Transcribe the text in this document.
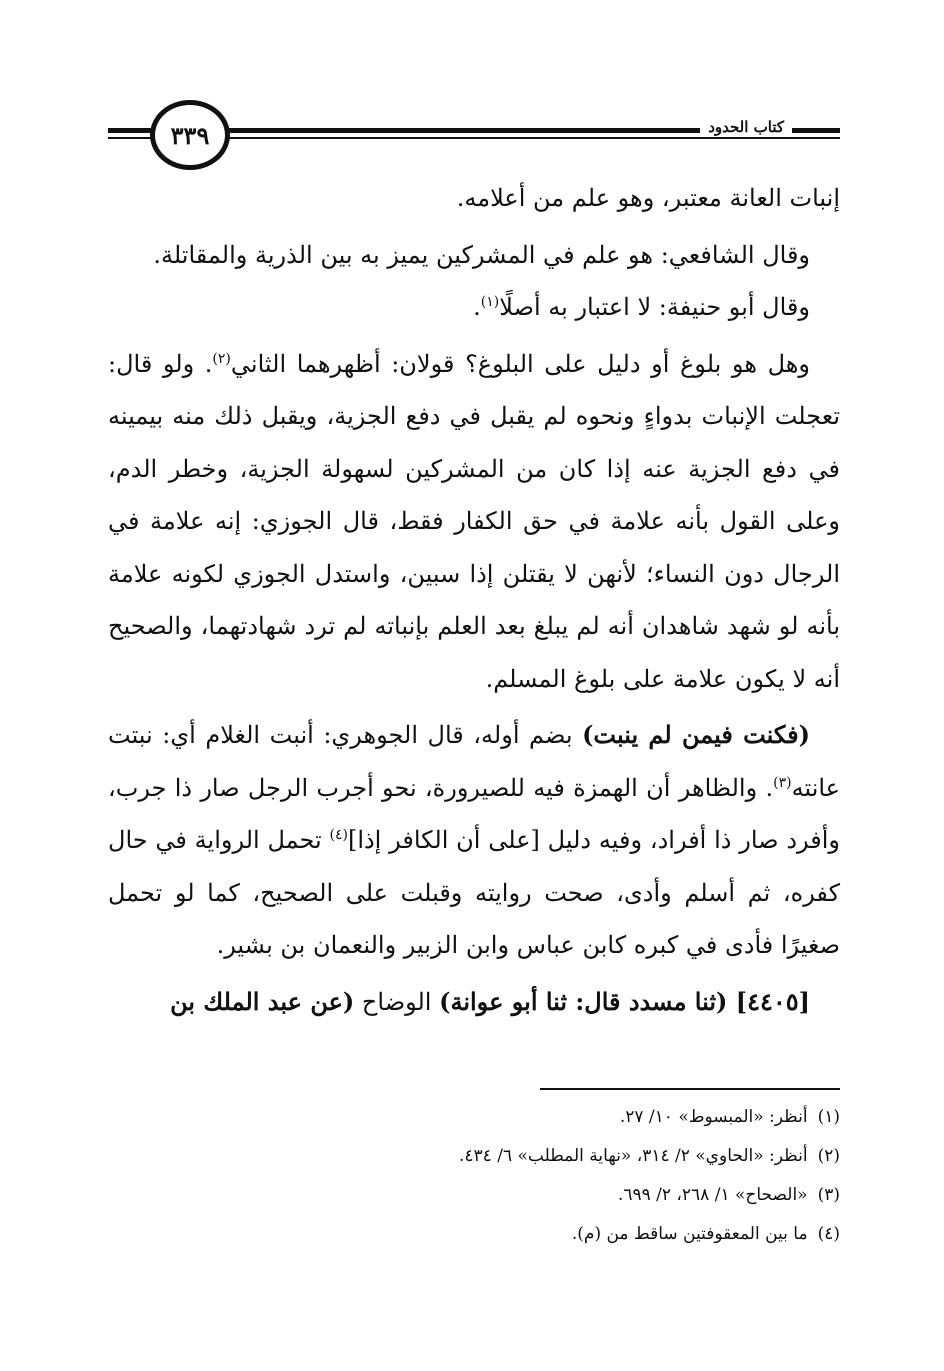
٣٣٩	كتاب الحدود

إنبات العانة معتبر، وهو علم من أعلامه.

وقال الشافعي: هو علم في المشركين يميز به بين الذرية والمقاتلة.

وقال أبو حنيفة: لا اعتبار به أصلًا$^{(١)}$.

وهل هو بلوغ أو دليل على البلوغ؟ قولان: أظهرهما الثاني$^{(٢)}$. ولو قال: تعجلت الإنبات بدواءٍ ونحوه لم يقبل في دفع الجزية، ويقبل ذلك منه بيمينه في دفع الجزية عنه إذا كان من المشركين لسهولة الجزية، وخطر الدم، وعلى القول بأنه علامة في حق الكفار فقط، قال الجوزي: إنه علامة في الرجال دون النساء؛ لأنهن لا يقتلن إذا سبين، واستدل الجوزي لكونه علامة بأنه لو شهد شاهدان أنه لم يبلغ بعد العلم بإنباته لم ترد شهادتهما، والصحيح أنه لا يكون علامة على بلوغ المسلم.

(فكنت فيمن لم ينبت) بضم أوله، قال الجوهري: أنبت الغلام أي: نبتت عانته$^{(٣)}$. والظاهر أن الهمزة فيه للصيرورة، نحو أجرب الرجل صار ذا جرب، وأفرد صار ذا أفراد، وفيه دليل [على أن الكافر إذا]$^{(٤)}$ تحمل الرواية في حال كفره، ثم أسلم وأدى، صحت روايته وقبلت على الصحيح، كما لو تحمل صغيرًا فأدى في كبره كابن عباس وابن الزبير والنعمان بن بشير.

[٤٤٠٥] (ثنا مسدد قال: ثنا أبو عوانة) الوضاح (عن عبد الملك بن

(١)أنظر: «المبسوط» ١٠/ ٢٧.

(٢)أنظر: «الحاوي» ٢/ ٣١٤، «نهاية المطلب» ٦/ ٤٣٤.

(٣)«الصحاح» ١/ ٢٦٨، ٢/ ٦٩٩.

(٤)ما بين المعقوفتين ساقط من (م).
